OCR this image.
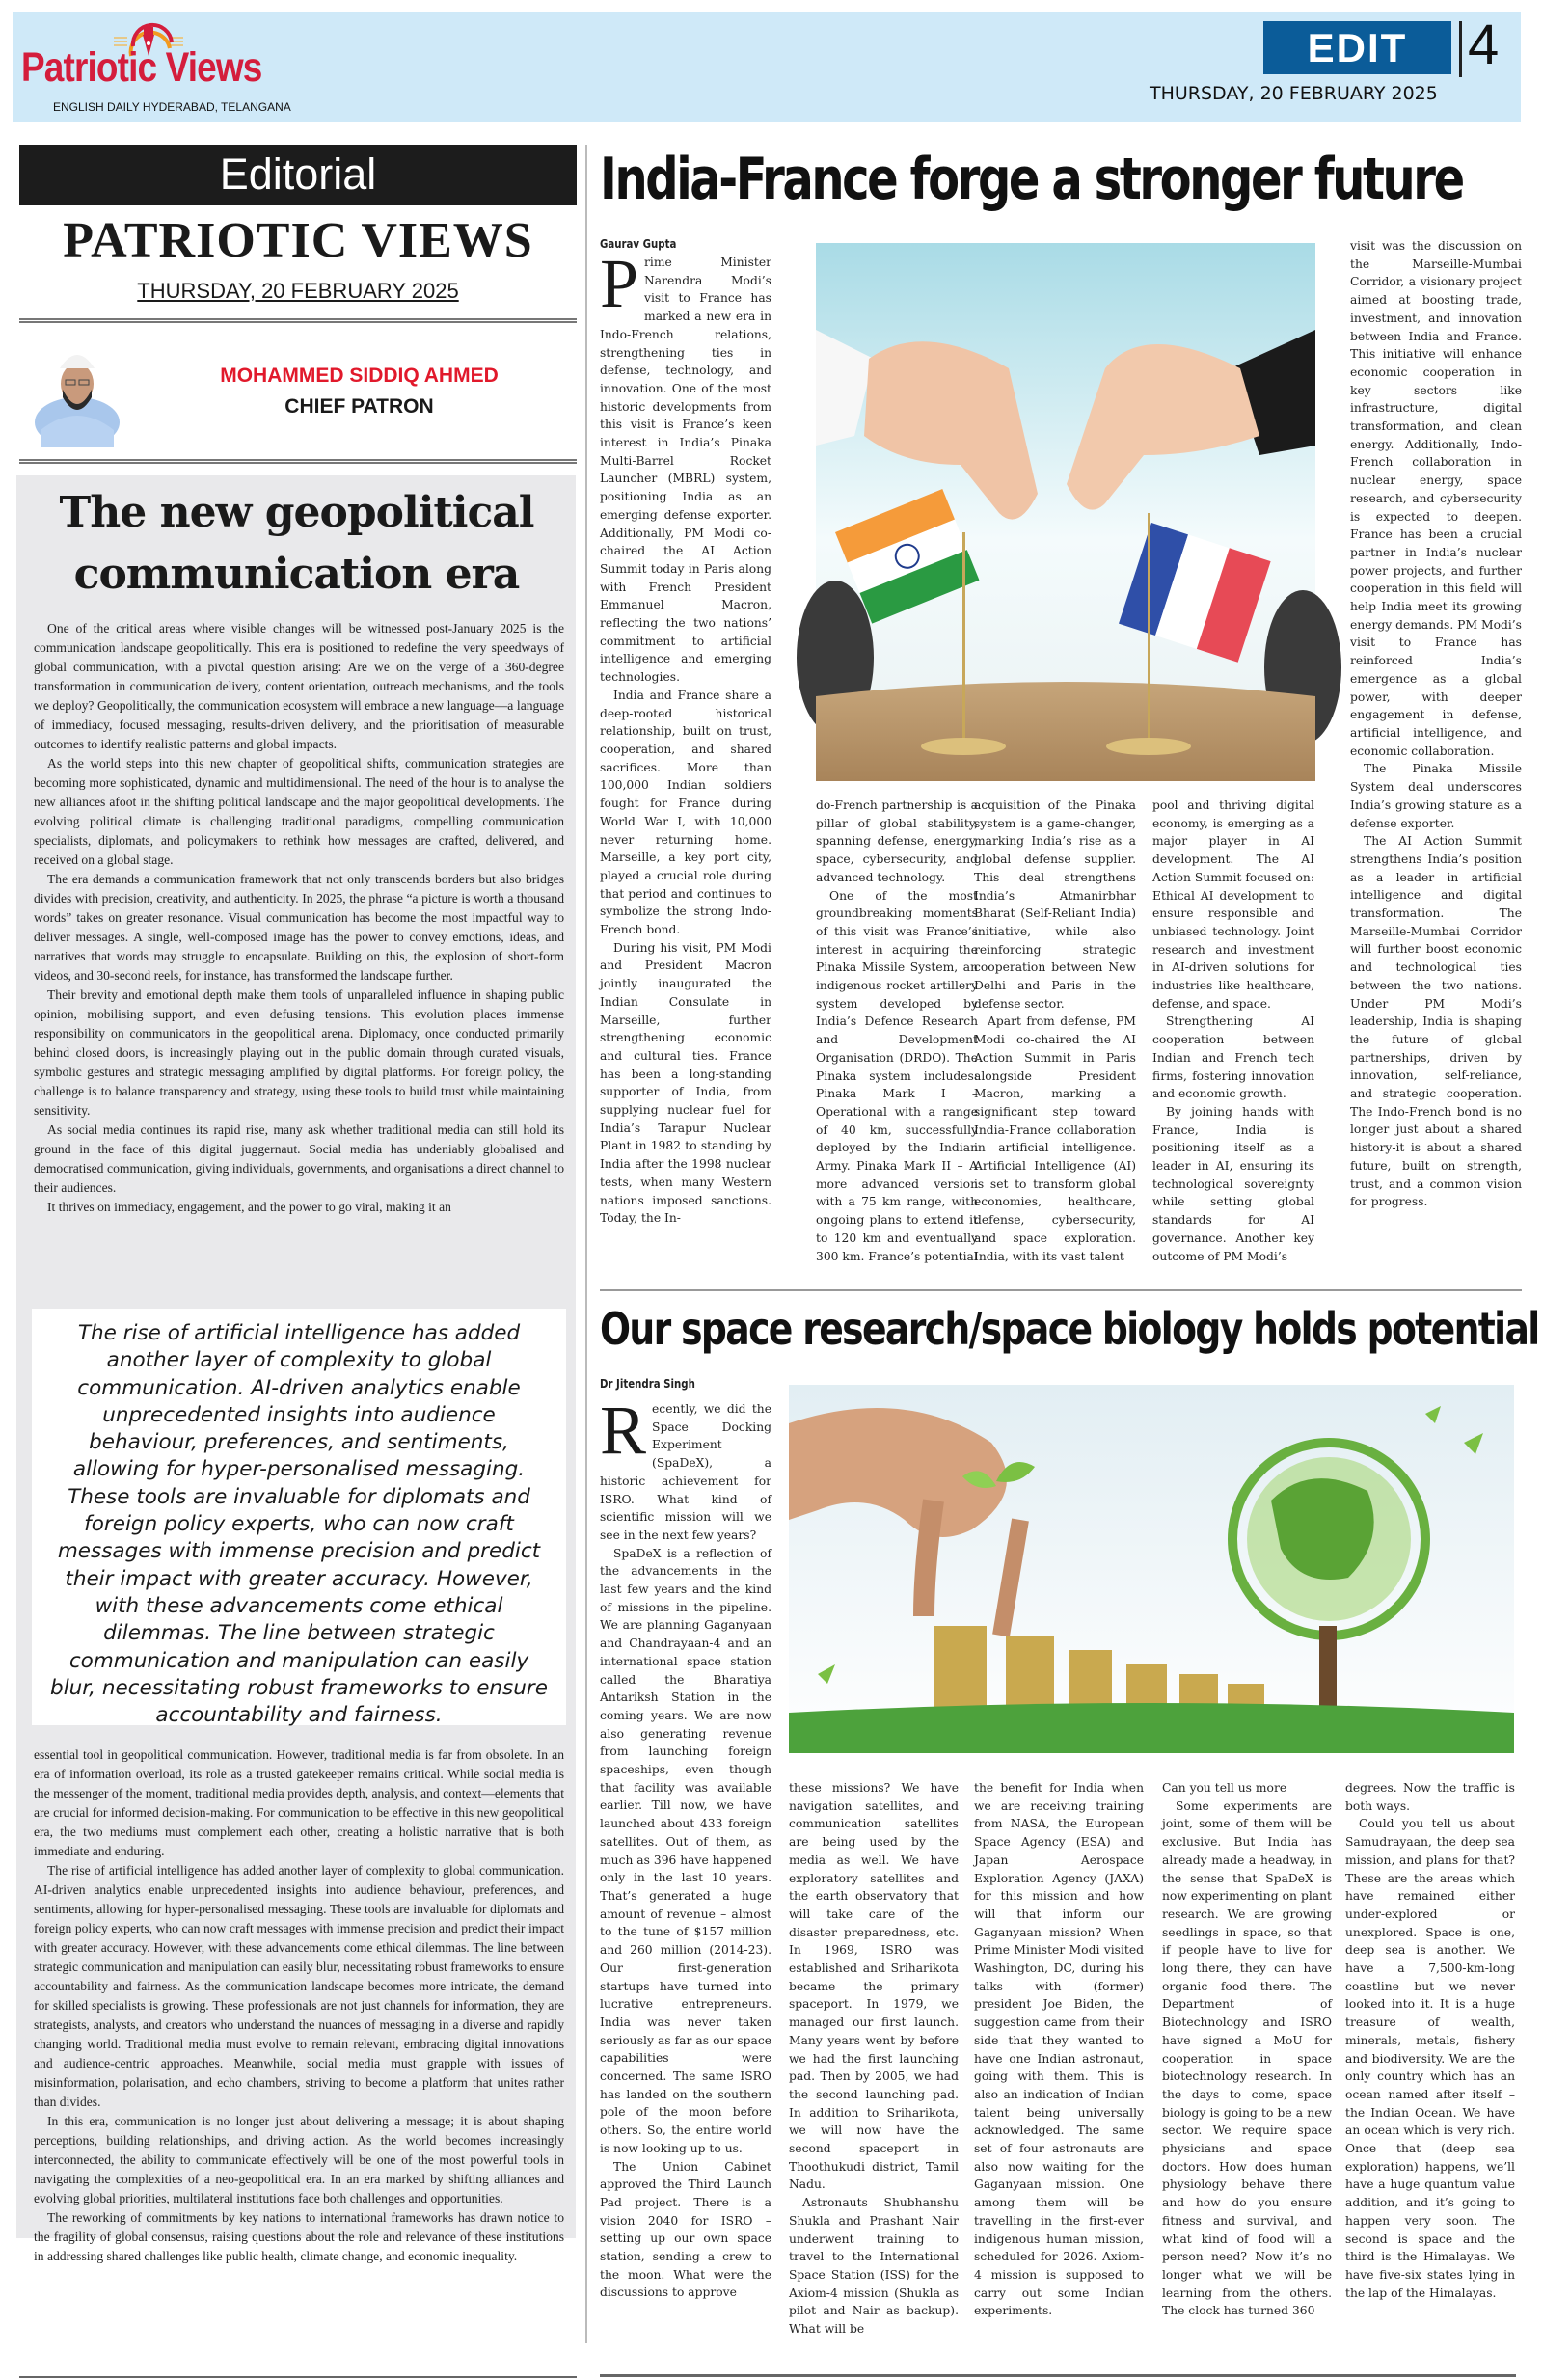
Patriotic Views
ENGLISH DAILY HYDERABAD, TELANGANA
EDIT	4
THURSDAY, 20 FEBRUARY 2025
Editorial
PATRIOTIC VIEWS
THURSDAY, 20 FEBRUARY 2025
MOHAMMED SIDDIQ AHMED
CHIEF PATRON
The new geopolitical communication era

One of the critical areas where visible changes will be witnessed post-January 2025 is the communication landscape geopolitically. This era is positioned to redefine the very speedways of global communication, with a pivotal question arising: Are we on the verge of a 360-degree transformation in communication delivery, content orientation, outreach mechanisms, and the tools we deploy? Geopolitically, the communication ecosystem will embrace a new language—a language of immediacy, focused messaging, results-driven delivery, and the prioritisation of measurable outcomes to identify realistic patterns and global impacts.

As the world steps into this new chapter of geopolitical shifts, communication strategies are becoming more sophisticated, dynamic and multidimensional. The need of the hour is to analyse the new alliances afoot in the shifting political landscape and the major geopolitical developments. The evolving political climate is challenging traditional paradigms, compelling communication specialists, diplomats, and policymakers to rethink how messages are crafted, delivered, and received on a global stage.

The era demands a communication framework that not only transcends borders but also bridges divides with precision, creativity, and authenticity. In 2025, the phrase “a picture is worth a thousand words” takes on greater resonance. Visual communication has become the most impactful way to deliver messages. A single, well-composed image has the power to convey emotions, ideas, and narratives that words may struggle to encapsulate. Building on this, the explosion of short-form videos, and 30-second reels, for instance, has transformed the landscape further.

Their brevity and emotional depth make them tools of unparalleled influence in shaping public opinion, mobilising support, and even defusing tensions. This evolution places immense responsibility on communicators in the geopolitical arena. Diplomacy, once conducted primarily behind closed doors, is increasingly playing out in the public domain through curated visuals, symbolic gestures and strategic messaging amplified by digital platforms. For foreign policy, the challenge is to balance transparency and strategy, using these tools to build trust while maintaining sensitivity.

As social media continues its rapid rise, many ask whether traditional media can still hold its ground in the face of this digital juggernaut. Social media has undeniably globalised and democratised communication, giving individuals, governments, and organisations a direct channel to their audiences.

It thrives on immediacy, engagement, and the power to go viral, making it an

The rise of artificial intelligence has added another layer of complexity to global communication. AI-driven analytics enable unprecedented insights into audience behaviour, preferences, and sentiments, allowing for hyper-personalised messaging. These tools are invaluable for diplomats and foreign policy experts, who can now craft messages with immense precision and predict their impact with greater accuracy. However, with these advancements come ethical dilemmas. The line between strategic communication and manipulation can easily blur, necessitating robust frameworks to ensure accountability and fairness.

essential tool in geopolitical communication. However, traditional media is far from obsolete. In an era of information overload, its role as a trusted gatekeeper remains critical. While social media is the messenger of the moment, traditional media provides depth, analysis, and context—elements that are crucial for informed decision-making. For communication to be effective in this new geopolitical era, the two mediums must complement each other, creating a holistic narrative that is both immediate and enduring.

The rise of artificial intelligence has added another layer of complexity to global communication. AI-driven analytics enable unprecedented insights into audience behaviour, preferences, and sentiments, allowing for hyper-personalised messaging. These tools are invaluable for diplomats and foreign policy experts, who can now craft messages with immense precision and predict their impact with greater accuracy. However, with these advancements come ethical dilemmas. The line between strategic communication and manipulation can easily blur, necessitating robust frameworks to ensure accountability and fairness. As the communication landscape becomes more intricate, the demand for skilled specialists is growing. These professionals are not just channels for information, they are strategists, analysts, and creators who understand the nuances of messaging in a diverse and rapidly changing world. Traditional media must evolve to remain relevant, embracing digital innovations and audience-centric approaches. Meanwhile, social media must grapple with issues of misinformation, polarisation, and echo chambers, striving to become a platform that unites rather than divides.

In this era, communication is no longer just about delivering a message; it is about shaping perceptions, building relationships, and driving action. As the world becomes increasingly interconnected, the ability to communicate effectively will be one of the most powerful tools in navigating the complexities of a neo-geopolitical era. In an era marked by shifting alliances and evolving global priorities, multilateral institutions face both challenges and opportunities.

The reworking of commitments by key nations to international frameworks has drawn notice to the fragility of global consensus, raising questions about the role and relevance of these institutions in addressing shared challenges like public health, climate change, and economic inequality.

India-France forge a stronger future
Gaurav Gupta

Prime Minister Narendra Modi’s visit to France has marked a new era in Indo-French relations, strengthening ties in defense, technology, and innovation. One of the most historic developments from this visit is France’s keen interest in India’s Pinaka Multi-Barrel Rocket Launcher (MBRL) system, positioning India as an emerging defense exporter. Additionally, PM Modi co-chaired the AI Action Summit today in Paris along with French President Emmanuel Macron, reflecting the two nations’ commitment to artificial intelligence and emerging technologies.

India and France share a deep-rooted historical relationship, built on trust, cooperation, and shared sacrifices. More than 100,000 Indian soldiers fought for France during World War I, with 10,000 never returning home. Marseille, a key port city, played a crucial role during that period and continues to symbolize the strong Indo-French bond.

During his visit, PM Modi and President Macron jointly inaugurated the Indian Consulate in Marseille, further strengthening economic and cultural ties. France has been a long-standing supporter of India, from supplying nuclear fuel for India’s Tarapur Nuclear Plant in 1982 to standing by India after the 1998 nuclear tests, when many Western nations imposed sanctions. Today, the In-

do-French partnership is a pillar of global stability, spanning defense, energy, space, cybersecurity, and advanced technology.

One of the most groundbreaking moments of this visit was France’s interest in acquiring the Pinaka Missile System, an indigenous rocket artillery system developed by India’s Defence Research and Development Organisation (DRDO). The Pinaka system includes: Pinaka Mark I – Operational with a range of 40 km, successfully deployed by the Indian Army. Pinaka Mark II – A more advanced version with a 75 km range, with ongoing plans to extend it to 120 km and eventually 300 km. France’s potential

acquisition of the Pinaka system is a game-changer, marking India’s rise as a global defense supplier. This deal strengthens India’s Atmanirbhar Bharat (Self-Reliant India) initiative, while also reinforcing strategic cooperation between New Delhi and Paris in the defense sector.

Apart from defense, PM Modi co-chaired the AI Action Summit in Paris alongside President Macron, marking a significant step toward India-France collaboration in artificial intelligence. Artificial Intelligence (AI) is set to transform global economies, healthcare, defense, cybersecurity, and space exploration. India, with its vast talent

pool and thriving digital economy, is emerging as a major player in AI development. The AI Action Summit focused on: Ethical AI development to ensure responsible and unbiased technology. Joint research and investment in AI-driven solutions for industries like healthcare, defense, and space.

Strengthening AI cooperation between Indian and French tech firms, fostering innovation and economic growth.

By joining hands with France, India is positioning itself as a leader in AI, ensuring its technological sovereignty while setting global standards for AI governance. Another key outcome of PM Modi’s

visit was the discussion on the Marseille-Mumbai Corridor, a visionary project aimed at boosting trade, investment, and innovation between India and France. This initiative will enhance economic cooperation in key sectors like infrastructure, digital transformation, and clean energy. Additionally, Indo-French collaboration in nuclear energy, space research, and cybersecurity is expected to deepen. France has been a crucial partner in India’s nuclear power projects, and further cooperation in this field will help India meet its growing energy demands. PM Modi’s visit to France has reinforced India’s emergence as a global power, with deeper engagement in defense, artificial intelligence, and economic collaboration.

The Pinaka Missile System deal underscores India’s growing stature as a defense exporter.

The AI Action Summit strengthens India’s position as a leader in artificial intelligence and digital transformation. The Marseille-Mumbai Corridor will further boost economic and technological ties between the two nations. Under PM Modi’s leadership, India is shaping the future of global partnerships, driven by innovation, self-reliance, and strategic cooperation. The Indo-French bond is no longer just about a shared history-it is about a shared future, built on strength, trust, and a common vision for progress.

Our space research/space biology holds potential
Dr Jitendra Singh

Recently, we did the Space Docking Experiment (SpaDeX), a historic achievement for ISRO. What kind of scientific mission will we see in the next few years?

SpaDeX is a reflection of the advancements in the last few years and the kind of missions in the pipeline. We are planning Gaganyaan and Chandrayaan-4 and an international space station called the Bharatiya Antariksh Station in the coming years. We are now also generating revenue from launching foreign spaceships, even though that facility was available earlier. Till now, we have launched about 433 foreign satellites. Out of them, as much as 396 have happened only in the last 10 years. That’s generated a huge amount of revenue – almost to the tune of $157 million and 260 million (2014-23). Our first-generation startups have turned into lucrative entrepreneurs. India was never taken seriously as far as our space capabilities were concerned. The same ISRO has landed on the southern pole of the moon before others. So, the entire world is now looking up to us.

The Union Cabinet approved the Third Launch Pad project. There is a vision 2040 for ISRO – setting up our own space station, sending a crew to the moon. What were the discussions to approve

these missions? We have navigation satellites, and communication satellites are being used by the media as well. We have exploratory satellites and the earth observatory that will take care of the disaster preparedness, etc. In 1969, ISRO was established and Sriharikota became the primary spaceport. In 1979, we managed our first launch. Many years went by before we had the first launching pad. Then by 2005, we had the second launching pad. In addition to Sriharikota, we will now have the second spaceport in Thoothukudi district, Tamil Nadu.

Astronauts Shubhanshu Shukla and Prashant Nair underwent training to travel to the International Space Station (ISS) for the Axiom-4 mission (Shukla as pilot and Nair as backup). What will be

the benefit for India when we are receiving training from NASA, the European Space Agency (ESA) and Japan Aerospace Exploration Agency (JAXA) for this mission and how will that inform our Gaganyaan mission? When Prime Minister Modi visited Washington, DC, during his talks with (former) president Joe Biden, the suggestion came from their side that they wanted to have one Indian astronaut, going with them. This is also an indication of Indian talent being universally acknowledged. The same set of four astronauts are also now waiting for the Gaganyaan mission. One among them will be travelling in the first-ever indigenous human mission, scheduled for 2026. Axiom-4 mission is supposed to carry out some Indian experiments.

Can you tell us more

Some experiments are joint, some of them will be exclusive. But India has already made a headway, in the sense that SpaDeX is now experimenting on plant research. We are growing seedlings in space, so that if people have to live for long there, they can have organic food there. The Department of Biotechnology and ISRO have signed a MoU for cooperation in space biotechnology research. In the days to come, space biology is going to be a new sector. We require space physicians and space doctors. How does human physiology behave there and how do you ensure fitness and survival, and what kind of food will a person need? Now it’s no longer what we will be learning from the others. The clock has turned 360

degrees. Now the traffic is both ways.

Could you tell us about Samudrayaan, the deep sea mission, and plans for that? These are the areas which have remained either under-explored or unexplored. Space is one, deep sea is another. We have a 7,500-km-long coastline but we never looked into it. It is a huge treasure of wealth, minerals, metals, fishery and biodiversity. We are the only country which has an ocean named after itself – the Indian Ocean. We have an ocean which is very rich. Once that (deep sea exploration) happens, we’ll have a huge quantum value addition, and it’s going to happen very soon. The second is space and the third is the Himalayas. We have five-six states lying in the lap of the Himalayas.
